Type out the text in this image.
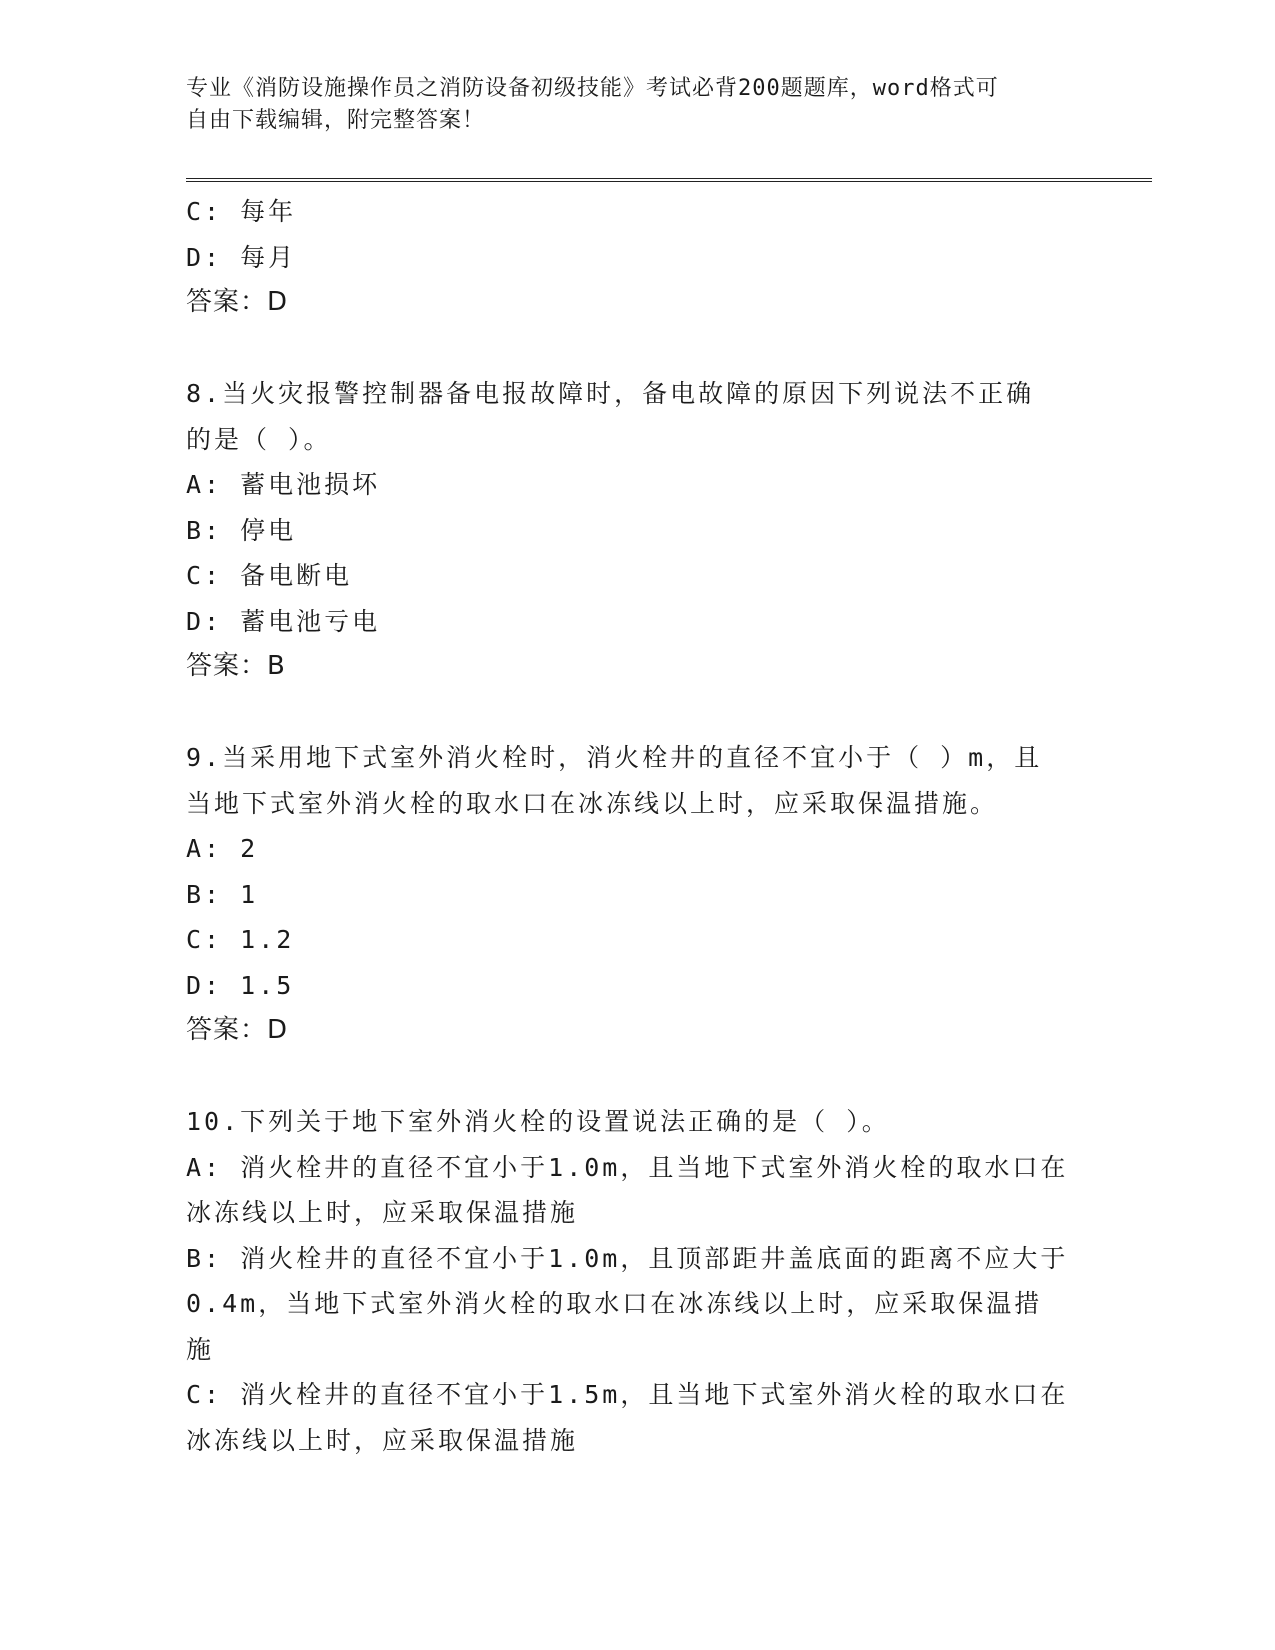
专业《消防设施操作员之消防设备初级技能》考试必背200题题库，word格式可
自由下载编辑，附完整答案！
C: 每年
D: 每月
答案：D
8.当火灾报警控制器备电报故障时，备电故障的原因下列说法不正确
的是（ ）。
A: 蓄电池损坏
B: 停电
C: 备电断电
D: 蓄电池亏电
答案：B
9.当采用地下式室外消火栓时，消火栓井的直径不宜小于（ ）m，且
当地下式室外消火栓的取水口在冰冻线以上时，应采取保温措施。
A: 2
B: 1
C: 1.2
D: 1.5
答案：D
10.下列关于地下室外消火栓的设置说法正确的是（ ）。
A: 消火栓井的直径不宜小于1.0m，且当地下式室外消火栓的取水口在
冰冻线以上时，应采取保温措施
B: 消火栓井的直径不宜小于1.0m，且顶部距井盖底面的距离不应大于
0.4m，当地下式室外消火栓的取水口在冰冻线以上时，应采取保温措
施
C: 消火栓井的直径不宜小于1.5m，且当地下式室外消火栓的取水口在
冰冻线以上时，应采取保温措施
